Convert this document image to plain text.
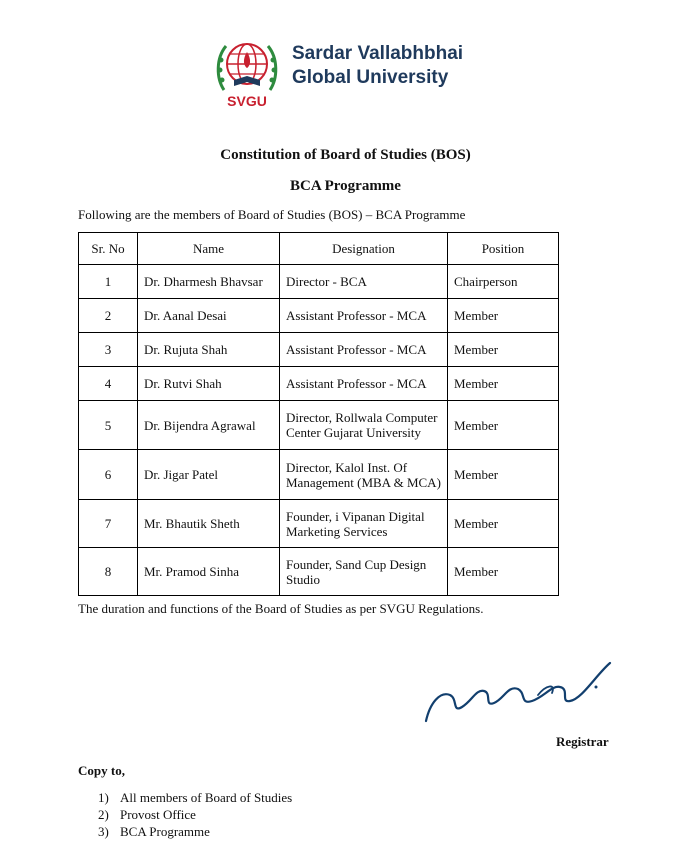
SVGU
Sardar Vallabhbhai
Global University
Constitution of Board of Studies (BOS)
BCA Programme
Following are the members of Board of Studies (BOS) – BCA Programme
Sr. No	Name	Designation	Position
1	Dr. Dharmesh Bhavsar	Director - BCA	Chairperson
2	Dr. Aanal Desai	Assistant Professor - MCA	Member
3	Dr. Rujuta Shah	Assistant Professor - MCA	Member
4	Dr. Rutvi Shah	Assistant Professor - MCA	Member
5	Dr. Bijendra Agrawal	Director, Rollwala Computer Center Gujarat University	Member
6	Dr. Jigar Patel	Director, Kalol Inst. Of Management (MBA & MCA)	Member
7	Mr. Bhautik Sheth	Founder, i Vipanan Digital Marketing Services	Member
8	Mr. Pramod Sinha	Founder, Sand Cup Design Studio	Member
The duration and functions of the Board of Studies as per SVGU Regulations.
Registrar
Copy to,
1) All members of Board of Studies
2) Provost Office
3) BCA Programme
